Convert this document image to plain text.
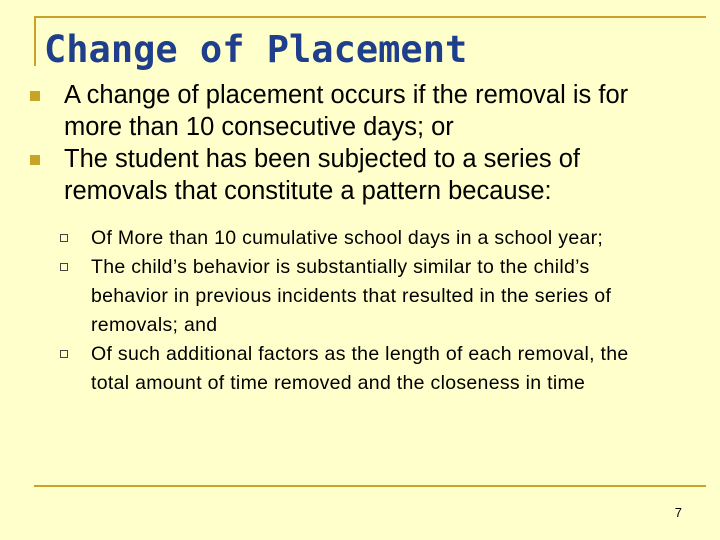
Change of Placement
A change of placement occurs if the removal is for more than 10 consecutive days; or
The student has been subjected to a series of removals that constitute a pattern because:
Of More than 10 cumulative school days in a school year;
The child’s behavior is substantially similar to the child’s behavior in previous incidents that resulted in the series of removals; and
Of such additional factors as the length of each removal, the total amount of time removed and the closeness in time
7
